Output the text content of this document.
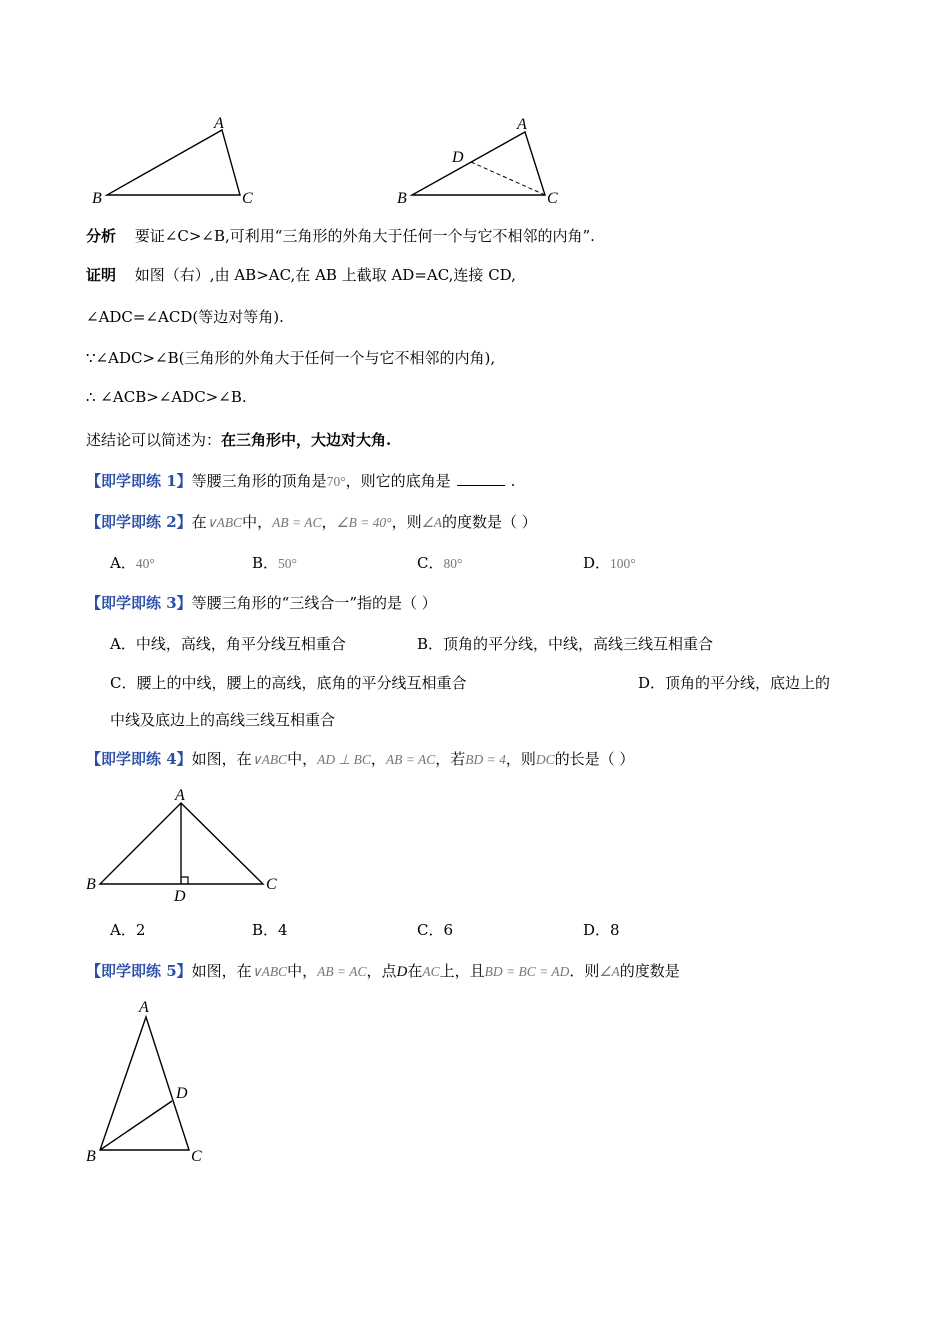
A
B	C
A
B	C
D
分析 要证∠C>∠B,可利用“三角形的外角大于任何一个与它不相邻的内角”.
证明 如图（右）,由 AB>AC,在 AB 上截取 AD=AC,连接 CD,
∠ADC=∠ACD(等边对等角).
∵∠ADC>∠B(三角形的外角大于任何一个与它不相邻的内角),
∴ ∠ACB>∠ADC>∠B.
述结论可以简述为：在三角形中，大边对大角.
【即学即练 1】等腰三角形的顶角是70°，则它的底角是	.
【即学即练 2】在∨ABC中，AB = AC，∠B = 40°，则∠A的度数是（ ）
A．40°	B．50°	C．80°	D．100°
【即学即练 3】等腰三角形的“三线合一”指的是（ ）
A．中线，高线，角平分线互相重合	B．顶角的平分线，中线，高线三线互相重合
C．腰上的中线，腰上的高线，底角的平分线互相重合	D．顶角的平分线，底边上的
中线及底边上的高线三线互相重合
【即学即练 4】如图，在∨ABC中，AD ⊥ BC，AB = AC，若BD = 4，则DC的长是（ ）
A
B	C
D
A．2	B．4	C．6	D．8
【即学即练 5】如图，在∨ABC中，AB = AC，点D在AC上，且BD = BC = AD．则∠A的度数是
A
B	C
D
